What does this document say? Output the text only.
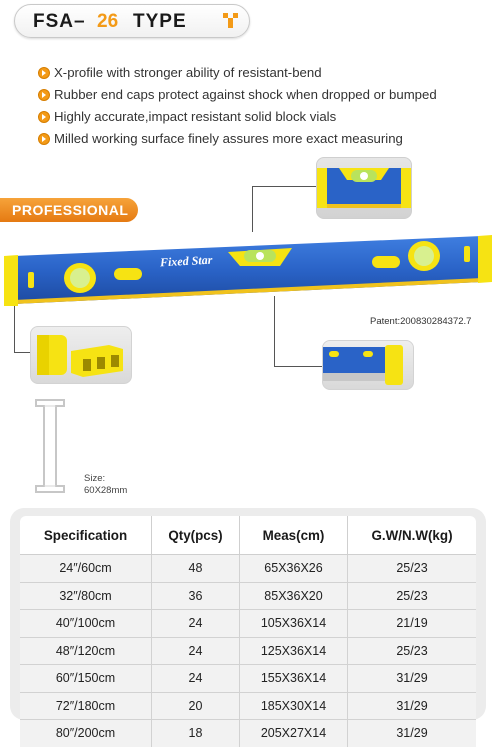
FSA– 26 TYPE
X-profile with stronger ability of resistant-bend
Rubber end caps protect against shock when dropped or bumped
Highly accurate,impact resistant solid block vials
Milled working surface finely assures more exact measuring
PROFESSIONAL
Fixed Star
Patent:200830284372.7
Size:
60X28mm
Specification	Qty(pcs)	Meas(cm)	G.W/N.W(kg)
24″/60cm	48	65X36X26	25/23
32″/80cm	36	85X36X20	25/23
40″/100cm	24	105X36X14	21/19
48″/120cm	24	125X36X14	25/23
60″/150cm	24	155X36X14	31/29
72″/180cm	20	185X30X14	31/29
80″/200cm	18	205X27X14	31/29
